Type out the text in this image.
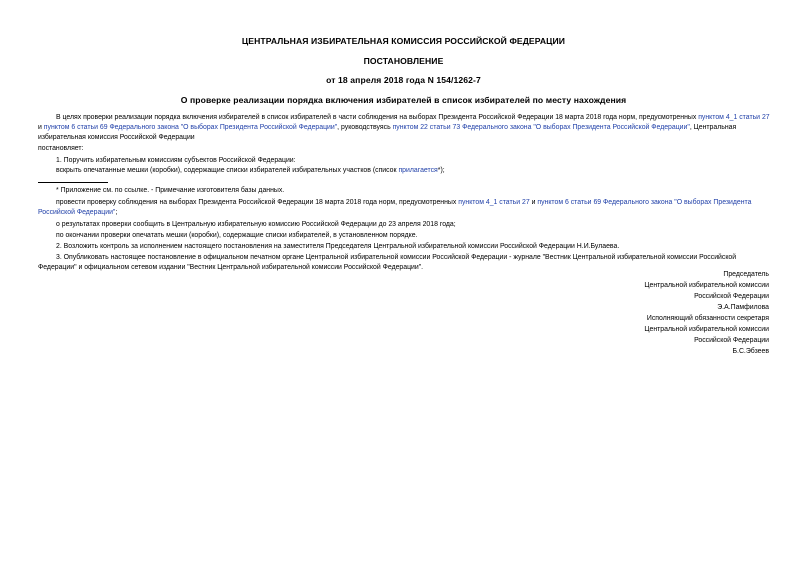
ЦЕНТРАЛЬНАЯ ИЗБИРАТЕЛЬНАЯ КОМИССИЯ РОССИЙСКОЙ ФЕДЕРАЦИИ
ПОСТАНОВЛЕНИЕ
от 18 апреля 2018 года N 154/1262-7
О проверке реализации порядка включения избирателей в список избирателей по месту нахождения
В целях проверки реализации порядка включения избирателей в список избирателей в части соблюдения на выборах Президента Российской Федерации 18 марта 2018 года норм, предусмотренных пунктом 4_1 статьи 27 и пунктом 6 статьи 69 Федерального закона "О выборах Президента Российской Федерации", руководствуясь пунктом 22 статьи 73 Федерального закона "О выборах Президента Российской Федерации", Центральная избирательная комиссия Российской Федерации
постановляет:
1. Поручить избирательным комиссиям субъектов Российской Федерации:
вскрыть опечатанные мешки (коробки), содержащие списки избирателей избирательных участков (список прилагается*);
* Приложение см. по ссылке. - Примечание изготовителя базы данных.
провести проверку соблюдения на выборах Президента Российской Федерации 18 марта 2018 года норм, предусмотренных пунктом 4_1 статьи 27 и пунктом 6 статьи 69 Федерального закона "О выборах Президента Российской Федерации";
о результатах проверки сообщить в Центральную избирательную комиссию Российской Федерации до 23 апреля 2018 года;
по окончании проверки опечатать мешки (коробки), содержащие списки избирателей, в установленном порядке.
2. Возложить контроль за исполнением настоящего постановления на заместителя Председателя Центральной избирательной комиссии Российской Федерации Н.И.Булаева.
3. Опубликовать настоящее постановление в официальном печатном органе Центральной избирательной комиссии Российской Федерации - журнале "Вестник Центральной избирательной комиссии Российской Федерации" и официальном сетевом издании "Вестник Центральной избирательной комиссии Российской Федерации".
Председатель
Центральной избирательной комиссии
Российской Федерации
Э.А.Памфилова
Исполняющий обязанности секретаря
Центральной избирательной комиссии
Российской Федерации
Б.С.Эбзеев
